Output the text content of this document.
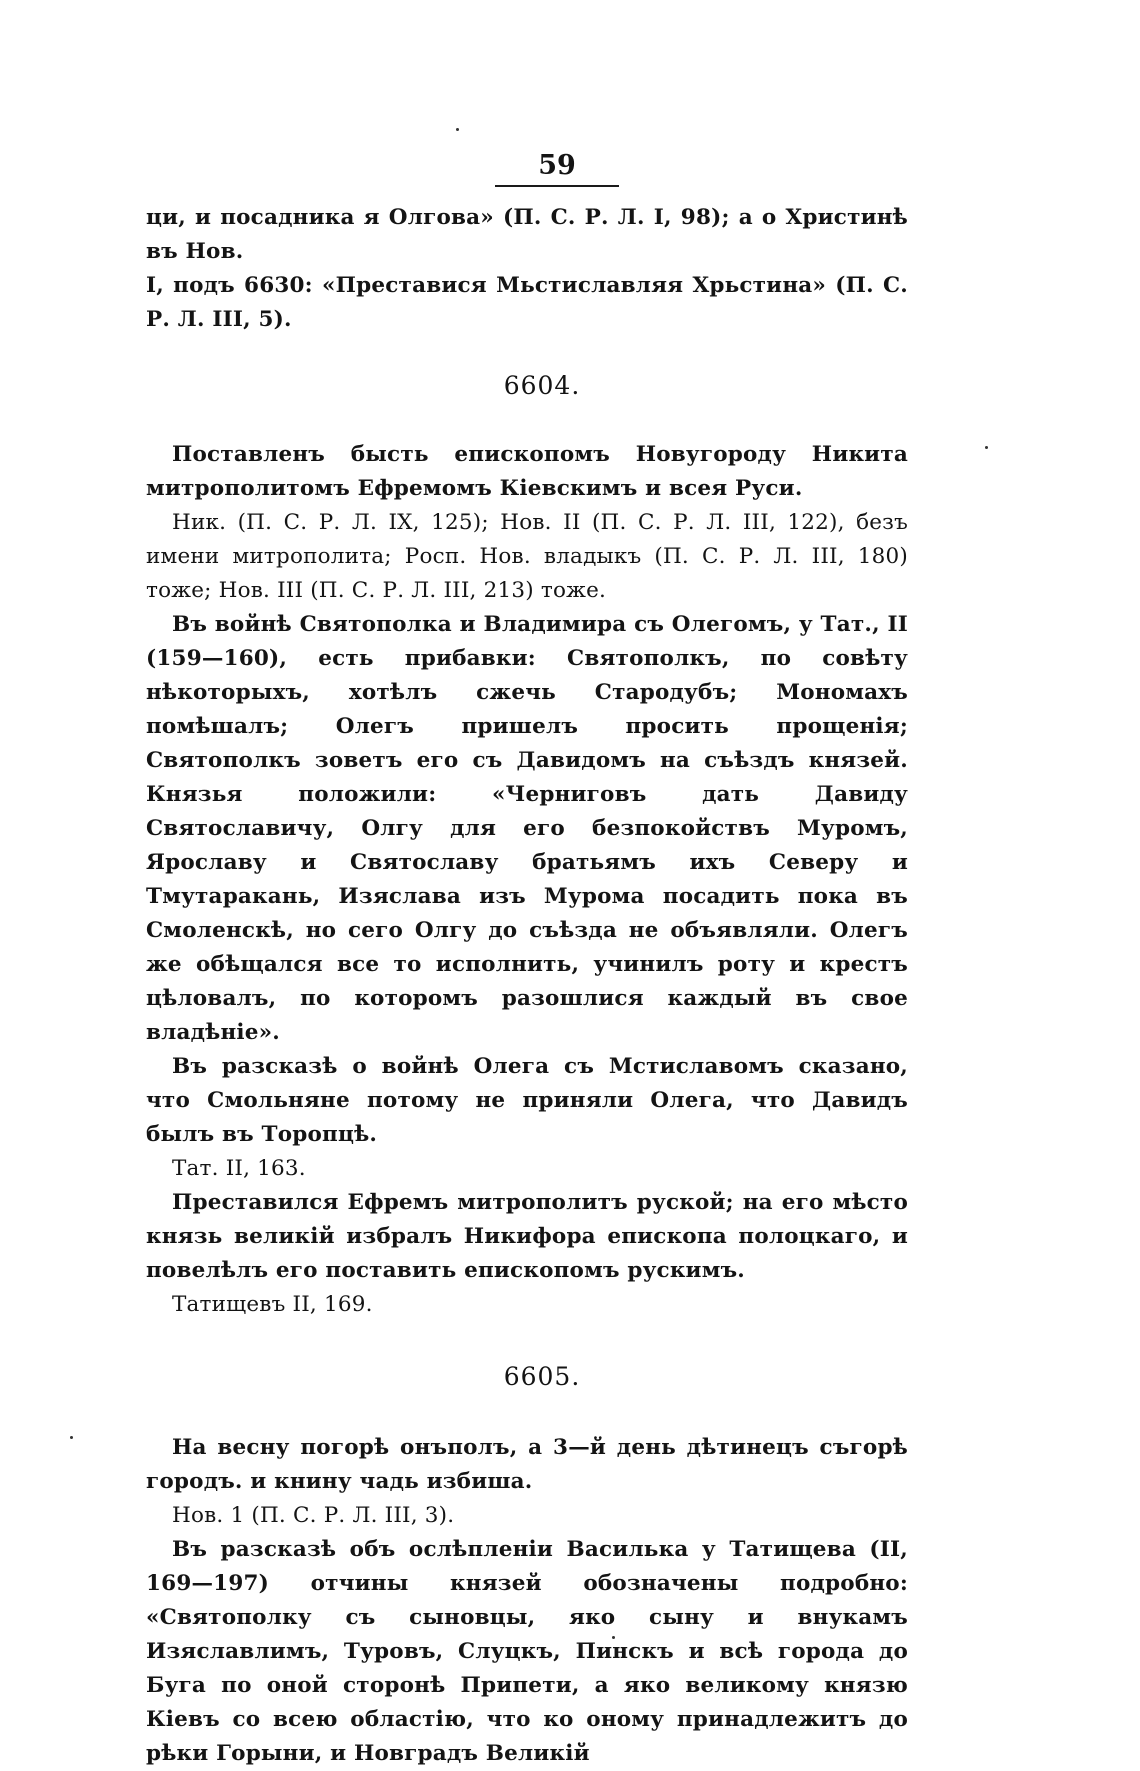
59

ци, и посадника я Олгова» (П. С. Р. Л. I, 98); а о Христинѣ въ Нов.

I, подъ 6630: «Преставися Мьстиславляя Хрьстина» (П. С. Р. Л. III, 5).

6604.

Поставленъ бысть епископомъ Новугороду Никита митрополитомъ Ефремомъ Кіевскимъ и всея Руси.

Ник. (П. С. Р. Л. IX, 125); Нов. II (П. С. Р. Л. III, 122), безъ имени митрополита; Росп. Нов. владыкъ (П. С. Р. Л. III, 180) тоже; Нов. III (П. С. Р. Л. III, 213) тоже.

Въ войнѣ Святополка и Владимира съ Олегомъ, у Тат., II (159—160), есть прибавки: Святополкъ, по совѣту нѣкоторыхъ, хотѣлъ сжечь Стародубъ; Мономахъ помѣшалъ; Олегъ пришелъ просить прощенія; Святополкъ зоветъ его съ Давидомъ на съѣздъ князей. Князья положили: «Черниговъ дать Давиду Святославичу, Олгу для его безпокойствъ Муромъ, Ярославу и Святославу братьямъ ихъ Северу и Тмутаракань, Изяслава изъ Мурома посадить пока въ Смоленскѣ, но сего Олгу до съѣзда не объявляли. Олегъ же обѣщался все то исполнить, учинилъ роту и крестъ цѣловалъ, по которомъ разошлися каждый въ свое владѣніе».

Въ разсказѣ о войнѣ Олега съ Мстиславомъ сказано, что Смольняне потому не приняли Олега, что Давидъ былъ въ Торопцѣ.

Тат. II, 163.

Преставился Ефремъ митрополитъ руской; на его мѣсто князь великій избралъ Никифора епископа полоцкаго, и повелѣлъ его поставить епископомъ рускимъ.

Татищевъ II, 169.

6605.

На весну погорѣ онъполъ, а 3—й день дѣтинецъ съгорѣ городъ. и книну чадь избиша.

Нов. 1 (П. С. Р. Л. III, 3).

Въ разсказѣ объ ослѣпленіи Василька у Татищева (II, 169—197) отчины князей обозначены подробно: «Святополку съ сыновцы, яко сыну и внукамъ Изяславлимъ, Туровъ, Слуцкъ, Пинскъ и всѣ города до Буга по оной сторонѣ Припети, а яко великому князю Кіевъ со всею областію, что ко оному принадлежитъ до рѣки Горыни, и Новградъ Великій
